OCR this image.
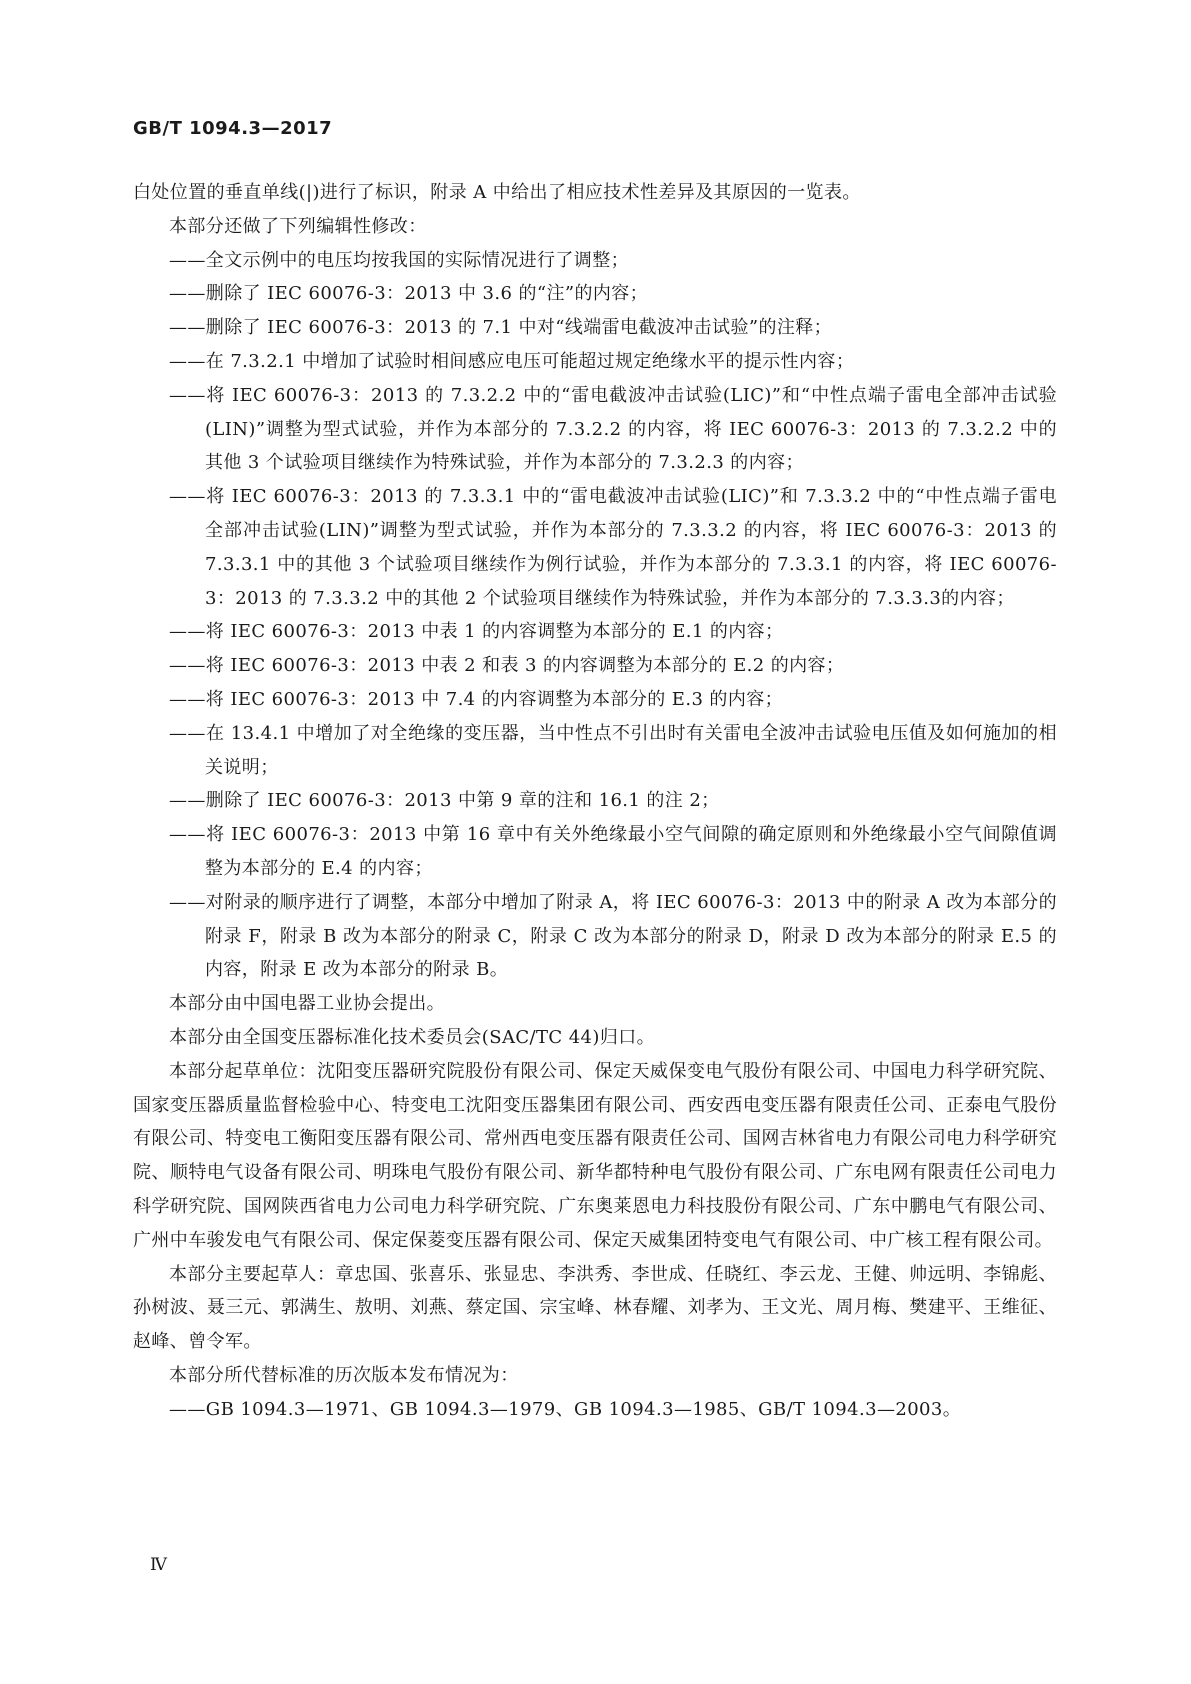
GB/T 1094.3—2017

白处位置的垂直单线(|)进行了标识，附录 A 中给出了相应技术性差异及其原因的一览表。

本部分还做了下列编辑性修改：

——全文示例中的电压均按我国的实际情况进行了调整；

——删除了 IEC 60076-3：2013 中 3.6 的“注”的内容；

——删除了 IEC 60076-3：2013 的 7.1 中对“线端雷电截波冲击试验”的注释；

——在 7.3.2.1 中增加了试验时相间感应电压可能超过规定绝缘水平的提示性内容；

——将 IEC 60076-3：2013 的 7.3.2.2 中的“雷电截波冲击试验(LIC)”和“中性点端子雷电全部冲击试验(LIN)”调整为型式试验，并作为本部分的 7.3.2.2 的内容，将 IEC 60076-3：2013 的 7.3.2.2 中的其他 3 个试验项目继续作为特殊试验，并作为本部分的 7.3.2.3 的内容；

——将 IEC 60076-3：2013 的 7.3.3.1 中的“雷电截波冲击试验(LIC)”和 7.3.3.2 中的“中性点端子雷电全部冲击试验(LIN)”调整为型式试验，并作为本部分的 7.3.3.2 的内容，将 IEC 60076-3：2013 的 7.3.3.1 中的其他 3 个试验项目继续作为例行试验，并作为本部分的 7.3.3.1 的内容，将 IEC 60076-3：2013 的 7.3.3.2 中的其他 2 个试验项目继续作为特殊试验，并作为本部分的 7.3.3.3的内容；

——将 IEC 60076-3：2013 中表 1 的内容调整为本部分的 E.1 的内容；

——将 IEC 60076-3：2013 中表 2 和表 3 的内容调整为本部分的 E.2 的内容；

——将 IEC 60076-3：2013 中 7.4 的内容调整为本部分的 E.3 的内容；

——在 13.4.1 中增加了对全绝缘的变压器，当中性点不引出时有关雷电全波冲击试验电压值及如何施加的相关说明；

——删除了 IEC 60076-3：2013 中第 9 章的注和 16.1 的注 2；

——将 IEC 60076-3：2013 中第 16 章中有关外绝缘最小空气间隙的确定原则和外绝缘最小空气间隙值调整为本部分的 E.4 的内容；

——对附录的顺序进行了调整，本部分中增加了附录 A，将 IEC 60076-3：2013 中的附录 A 改为本部分的附录 F，附录 B 改为本部分的附录 C，附录 C 改为本部分的附录 D，附录 D 改为本部分的附录 E.5 的内容，附录 E 改为本部分的附录 B。

本部分由中国电器工业协会提出。

本部分由全国变压器标准化技术委员会(SAC/TC 44)归口。

本部分起草单位：沈阳变压器研究院股份有限公司、保定天威保变电气股份有限公司、中国电力科学研究院、国家变压器质量监督检验中心、特变电工沈阳变压器集团有限公司、西安西电变压器有限责任公司、正泰电气股份有限公司、特变电工衡阳变压器有限公司、常州西电变压器有限责任公司、国网吉林省电力有限公司电力科学研究院、顺特电气设备有限公司、明珠电气股份有限公司、新华都特种电气股份有限公司、广东电网有限责任公司电力科学研究院、国网陕西省电力公司电力科学研究院、广东奥莱恩电力科技股份有限公司、广东中鹏电气有限公司、广州中车骏发电气有限公司、保定保菱变压器有限公司、保定天威集团特变电气有限公司、中广核工程有限公司。

本部分主要起草人：章忠国、张喜乐、张显忠、李洪秀、李世成、任晓红、李云龙、王健、帅远明、李锦彪、孙树波、聂三元、郭满生、敖明、刘燕、蔡定国、宗宝峰、林春耀、刘孝为、王文光、周月梅、樊建平、王维征、赵峰、曾令军。

本部分所代替标准的历次版本发布情况为：

——GB 1094.3—1971、GB 1094.3—1979、GB 1094.3—1985、GB/T 1094.3—2003。

Ⅳ
